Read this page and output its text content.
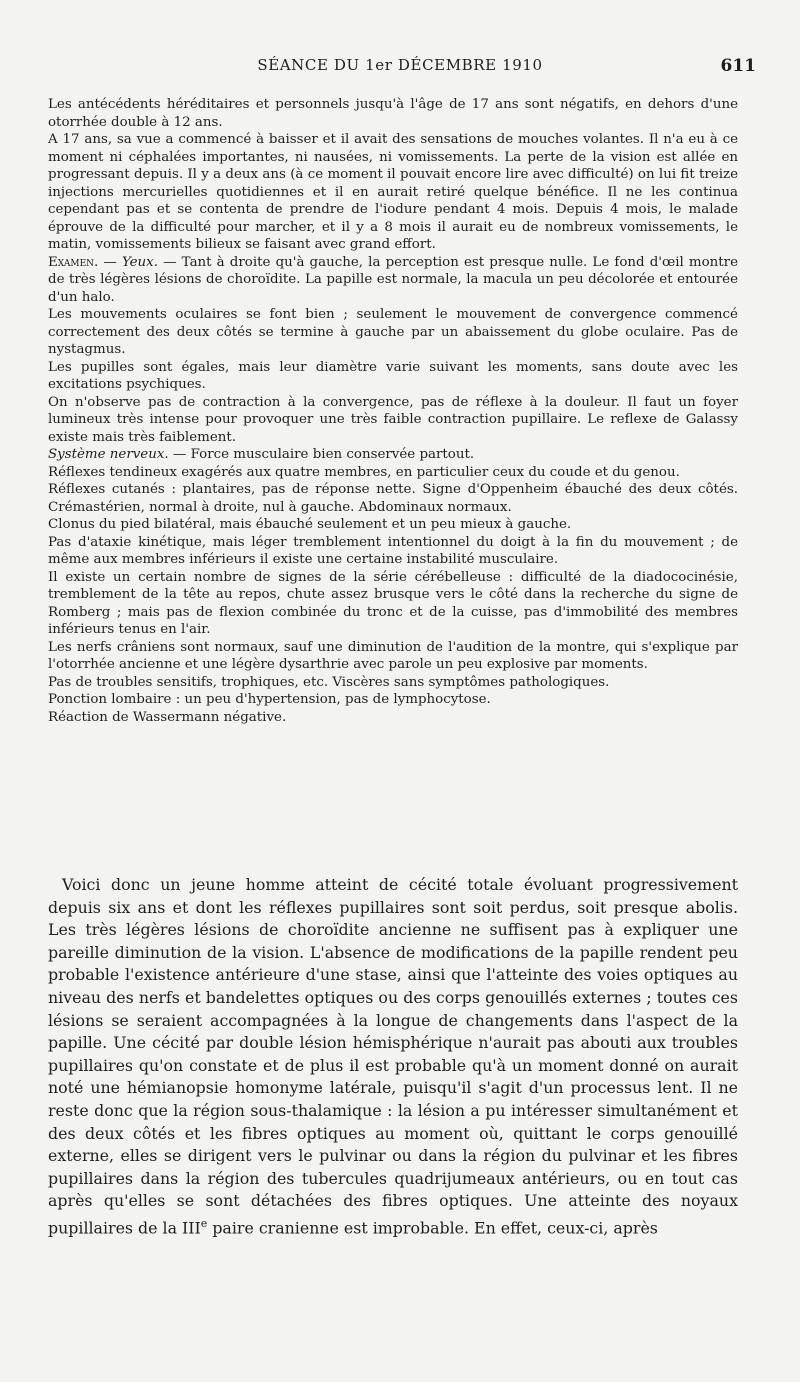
SÉANCE DU 1er DÉCEMBRE 1910	611

Les antécédents héréditaires et personnels jusqu'à l'âge de 17 ans sont négatifs, en dehors d'une otorrhée double à 12 ans.

A 17 ans, sa vue a commencé à baisser et il avait des sensations de mouches volantes. Il n'a eu à ce moment ni céphalées importantes, ni nausées, ni vomissements. La perte de la vision est allée en progressant depuis. Il y a deux ans (à ce moment il pouvait encore lire avec difficulté) on lui fit treize injections mercurielles quotidiennes et il en aurait retiré quelque bénéfice. Il ne les continua cependant pas et se contenta de prendre de l'iodure pendant 4 mois. Depuis 4 mois, le malade éprouve de la difficulté pour marcher, et il y a 8 mois il aurait eu de nombreux vomissements, le matin, vomissements bilieux se faisant avec grand effort.

Examen. — Yeux. — Tant à droite qu'à gauche, la perception est presque nulle. Le fond d'œil montre de très légères lésions de choroïdite. La papille est normale, la macula un peu décolorée et entourée d'un halo.

Les mouvements oculaires se font bien ; seulement le mouvement de convergence commencé correctement des deux côtés se termine à gauche par un abaissement du globe oculaire. Pas de nystagmus.

Les pupilles sont égales, mais leur diamètre varie suivant les moments, sans doute avec les excitations psychiques.

On n'observe pas de contraction à la convergence, pas de réflexe à la douleur. Il faut un foyer lumineux très intense pour provoquer une très faible contraction pupillaire. Le reflexe de Galassy existe mais très faiblement.

Système nerveux. — Force musculaire bien conservée partout.

Réflexes tendineux exagérés aux quatre membres, en particulier ceux du coude et du genou.

Réflexes cutanés : plantaires, pas de réponse nette. Signe d'Oppenheim ébauché des deux côtés. Crémastérien, normal à droite, nul à gauche. Abdominaux normaux.

Clonus du pied bilatéral, mais ébauché seulement et un peu mieux à gauche.

Pas d'ataxie kinétique, mais léger tremblement intentionnel du doigt à la fin du mouvement ; de même aux membres inférieurs il existe une certaine instabilité musculaire.

Il existe un certain nombre de signes de la série cérébelleuse : difficulté de la diadococinésie, tremblement de la tête au repos, chute assez brusque vers le côté dans la recherche du signe de Romberg ; mais pas de flexion combinée du tronc et de la cuisse, pas d'immobilité des membres inférieurs tenus en l'air.

Les nerfs crâniens sont normaux, sauf une diminution de l'audition de la montre, qui s'explique par l'otorrhée ancienne et une légère dysarthrie avec parole un peu explosive par moments.

Pas de troubles sensitifs, trophiques, etc. Viscères sans symptômes pathologiques.

Ponction lombaire : un peu d'hypertension, pas de lymphocytose.

Réaction de Wassermann négative.

Voici donc un jeune homme atteint de cécité totale évoluant progressivement depuis six ans et dont les réflexes pupillaires sont soit perdus, soit presque abolis. Les très légères lésions de choroïdite ancienne ne suffisent pas à expliquer une pareille diminution de la vision. L'absence de modifications de la papille rendent peu probable l'existence antérieure d'une stase, ainsi que l'atteinte des voies optiques au niveau des nerfs et bandelettes optiques ou des corps genouillés externes ; toutes ces lésions se seraient accompagnées à la longue de changements dans l'aspect de la papille. Une cécité par double lésion hémisphérique n'aurait pas abouti aux troubles pupillaires qu'on constate et de plus il est probable qu'à un moment donné on aurait noté une hémianopsie homonyme latérale, puisqu'il s'agit d'un processus lent. Il ne reste donc que la région sous-thalamique : la lésion a pu intéresser simultanément et des deux côtés et les fibres optiques au moment où, quittant le corps genouillé externe, elles se dirigent vers le pulvinar ou dans la région du pulvinar et les fibres pupillaires dans la région des tubercules quadrijumeaux antérieurs, ou en tout cas après qu'elles se sont détachées des fibres optiques. Une atteinte des noyaux pupillaires de la IIIe paire cranienne est improbable. En effet, ceux-ci, après
